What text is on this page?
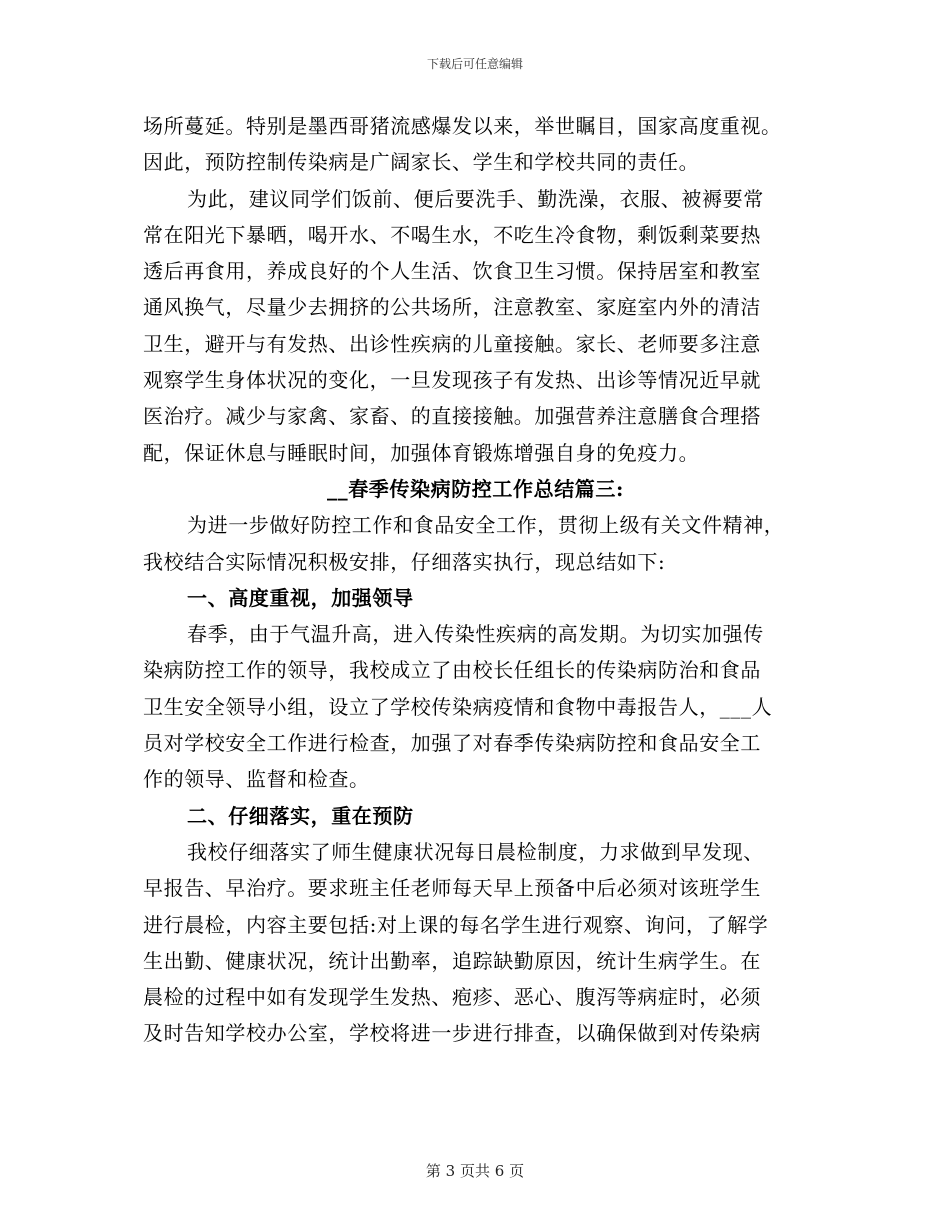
下载后可任意编辑
场所蔓延。特别是墨西哥猪流感爆发以来，举世瞩目，国家高度重视。
因此，预防控制传染病是广阔家长、学生和学校共同的责任。
为此，建议同学们饭前、便后要洗手、勤洗澡，衣服、被褥要常
常在阳光下暴晒，喝开水、不喝生水，不吃生冷食物，剩饭剩菜要热
透后再食用，养成良好的个人生活、饮食卫生习惯。保持居室和教室
通风换气，尽量少去拥挤的公共场所，注意教室、家庭室内外的清洁
卫生，避开与有发热、出诊性疾病的儿童接触。家长、老师要多注意
观察学生身体状况的变化，一旦发现孩子有发热、出诊等情况近早就
医治疗。减少与家禽、家畜、的直接接触。加强营养注意膳食合理搭
配，保证休息与睡眠时间，加强体育锻炼增强自身的免疫力。
__春季传染病防控工作总结篇三:
为进一步做好防控工作和食品安全工作，贯彻上级有关文件精神，
我校结合实际情况积极安排，仔细落实执行，现总结如下:
一、高度重视，加强领导
春季，由于气温升高，进入传染性疾病的高发期。为切实加强传
染病防控工作的领导，我校成立了由校长任组长的传染病防治和食品
卫生安全领导小组，设立了学校传染病疫情和食物中毒报告人，___人
员对学校安全工作进行检查，加强了对春季传染病防控和食品安全工
作的领导、监督和检查。
二、仔细落实，重在预防
我校仔细落实了师生健康状况每日晨检制度，力求做到早发现、
早报告、早治疗。要求班主任老师每天早上预备中后必须对该班学生
进行晨检，内容主要包括:对上课的每名学生进行观察、询问，了解学
生出勤、健康状况，统计出勤率，追踪缺勤原因，统计生病学生。在
晨检的过程中如有发现学生发热、疱疹、恶心、腹泻等病症时，必须
及时告知学校办公室，学校将进一步进行排查，以确保做到对传染病
第 3 页共 6 页
